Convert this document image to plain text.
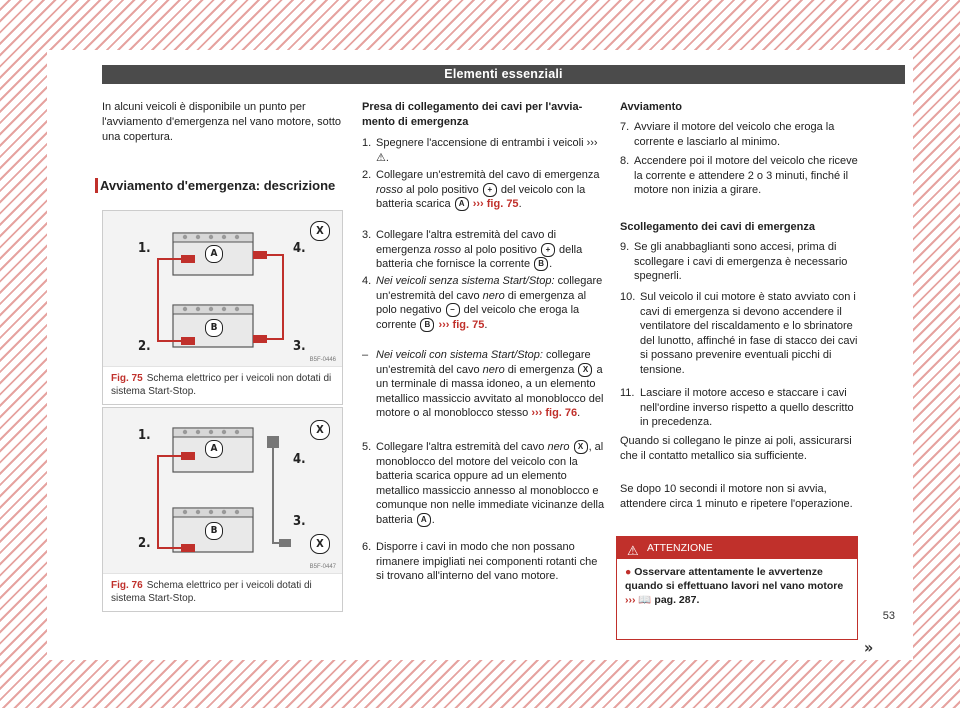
Elementi essenziali
In alcuni veicoli è disponibile un punto per l'avviamento d'emergenza nel vano motore, sotto una copertura.
Avviamento d'emergenza: descrizione
1.
2.	3.
4.
A
B
X
B5F-0446
Fig. 75 Schema elettrico per i veicoli non dotati di sistema Start-Stop.
1.
2.
3.
4.
A
B
X
X
B5F-0447
Fig. 76 Schema elettrico per i veicoli dotati di sistema Start-Stop.
Presa di collegamento dei cavi per l'avviamento di emergenza
1. Spegnere l'accensione di entrambi i veicoli ››› ⚠.
2. Collegare un'estremità del cavo di emergenza rosso al polo positivo + del veicolo con la batteria scarica A ››› fig. 75.
3. Collegare l'altra estremità del cavo di emergenza rosso al polo positivo + della batteria che fornisce la corrente B .
4. Nei veicoli senza sistema Start/Stop: collegare un'estremità del cavo nero di emergenza al polo negativo – del veicolo che eroga la corrente B ››› fig. 75.
– Nei veicoli con sistema Start/Stop: collegare un'estremità del cavo nero di emergenza X a un terminale di massa idoneo, a un elemento metallico massiccio avvitato al monoblocco del motore o al monoblocco stesso ››› fig. 76.
5. Collegare l'altra estremità del cavo nero X , al monoblocco del motore del veicolo con la batteria scarica oppure ad un elemento metallico massiccio annesso al monoblocco e comunque non nelle immediate vicinanze della batteria A .
6. Disporre i cavi in modo che non possano rimanere impigliati nei componenti rotanti che si trovano all'interno del vano motore.
Avviamento
7. Avviare il motore del veicolo che eroga la corrente e lasciarlo al minimo.
8. Accendere poi il motore del veicolo che riceve la corrente e attendere 2 o 3 minuti, finché il motore non inizia a girare.
Scollegamento dei cavi di emergenza
9. Se gli anabbaglianti sono accesi, prima di scollegare i cavi di emergenza è necessario spegnerli.
10. Sul veicolo il cui motore è stato avviato con i cavi di emergenza si devono accendere il ventilatore del riscaldamento e lo sbrinatore del lunotto, affinché in fase di stacco dei cavi si possano prevenire eventuali picchi di tensione.
11. Lasciare il motore acceso e staccare i cavi nell'ordine inverso rispetto a quello descritto in precedenza.
Quando si collegano le pinze ai poli, assicurarsi che il contatto metallico sia sufficiente.
Se dopo 10 secondi il motore non si avvia, attendere circa 1 minuto e ripetere l'operazione.
⚠ ATTENZIONE
● Osservare attentamente le avvertenze quando si effettuano lavori nel vano motore ››› 📖 pag. 287.
»
53
